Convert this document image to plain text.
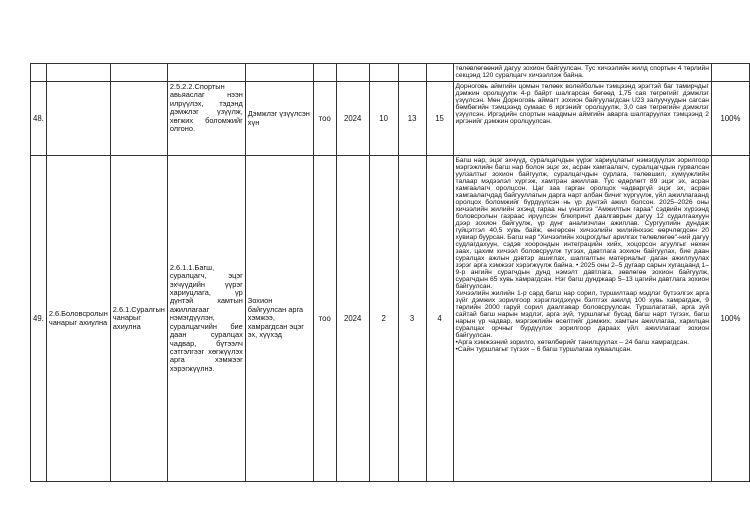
										төлөвлөгөөний дагуу зохион байгуулсан. Тус хичээлийн жилд спортын 4 төрлийн секцэнд 120 суралцагч хичээллэж байна.	

48.			2.5.2.2.Спортын авьяаслаг нээн илрүүлэх, тэдэнд дэмжлэг үзүүлж, хөгжих боломжийг олгоно.	Дэмжлэг үзүүлсэн хүн	тоо	2024	10	13	15	Дорноговь аймгийн цомын төлөөх волейболын тэмцээнд эрэгтэй баг тамирчдыг дэмжин оролцуулж 4-р байрт шалгарсан бөгөөд 1,75 сая төгрөгийг дэмжлэг үзүүлсэн. Мөн Дорноговь аймагт зохион байгуулагдсан U23 залуучуудын сагсан бөмбөгийн тэмцээнд сумаас 6 иргэнийг оролцуулж, 3,0 сая төгрөгийн дэмжлэг үзүүлсэн. Иргэдийн спортын наадмын аймгийн аварга шалгаруулах тэмцээнд 2 иргэнийг дэмжин оролцуулсан.	100%
49.	2.6.Боловсролын чанарыг ахиулна	2.6.1.Суралгын чанарыг ахиулна	2.6.1.1.Багш, суралцагч, эцэг эхчүүдийн үүрэг хариуцлага, үр дүнтэй хамтын ажиллагааг нэмэгдүүлэн, суралцагчийн бие даан суралцах чадвар, бүтээлч сэтгэлгээг хөгжүүлэх арга хэмжээг хэрэгжүүлнэ.	Зохион байгуулсан арга хэмжээ, хамрагдсан эцэг эх, хүүхэд	тоо	2024	2	3	4	Багш нар, эцэг эхчүүд, суралцагчдын үүрэг хариуцлагыг нэмэгдүүлэх зорилгоор мэргэжлийн багш нар болон эцэг эх, асран хамгаалагч, суралцагчдын гурвалсан уулзалтыг зохион байгуулж, суралцагчдын сурлага, төлөвшил, хүмүүжлийн талаар мэдээлэл хүргэж, хамтран ажиллав. Тус өдөрлөгт 89 эцэг эх, асран хамгаалагч оролцсон. Цаг заа гарган оролцох чадваргүй эцэг эх, асран хамгаалагчдад байгууллагын дарга нарт албан бичиг хүргүүлж, үйл ажиллагаанд оролцох боломжийг бүрдүүлсэн нь үр дүнтэй ажил болсон. 2025–2026 оны хичээлийн жилийн эхэнд гараа ны үнэлгээ "Амжилтын гараа" сэдвийн хүрээнд боловсролын газраас ирүүлсэн блюпринт даалгаврын дагуу 12 судалгаахуун дээр зохион байгуулж, үр дүнг анализчлан ажиллав. Сургуулийн дундаж гүйцэтгэл 40,5 хувь байж, өнгөрсөн хичээлийн жилийнхээс өөрчлөгдсөн 20 хувиар буурсан. Багш нар "Хичээлийн хоцрогдлыг арилгах төлөвлөгөө"-ний дагуу судлагдахуун, сэдэв хоорондын интеграцийн хийх, хоцорсон агуулгыг нөхөн заах, цахим хичээл боловсруулж тугээх, давтлага зохион байгуулах, бие даан суралцах ажлын дэвтэр ашиглах, шалгалтын материалыг даган ажиллуулах зэрэг арга хэмжээг хэрэгжүүлж байна. • 2025 оны 2–5 дугаар сарын хугацаанд 1–9-р ангийн сурагчдын дунд нэмэлт давтлага, зөвлөгөө зохион байгуулж, сурагчдын 65 хувь хамрагдсан. Нэг багш дунджаар 5–13 цагийн давтлага зохион байгуулсан.

Хичээлийн жилийн 1-р сард багш нар сорил, туршилтаар мэдлэг бүтээлгэх арга зүйг дэмжих зорилгоор хэрэглэгдэхүүн бэлтгэх ажилд 100 хувь хамрагдаж, 9 төрлийн 2000 гаруй сорил даалгавар боловсруулсан. Туршлагатай, арга зүй сайтай багш нарын мэдлэг, арга зүй, туршлагыг бусад багш нарт түгээх, багш нарын үр чадвар, мэргэжлийн өсөлтийг дэмжих, хамтын ажиллагаа, харилцан суралцах орчныг бүрдүүлэх зорилгоор дараах үйл ажиллагааг зохион байгуулсан.

•Арга хэмжээний зорилго, хөтөлбөрийг танилцуулах – 24 багш хамрагдсан.

•Сайн туршлагыг түгээх – 6 багш туршлагаа хуваалцсан.	100%
